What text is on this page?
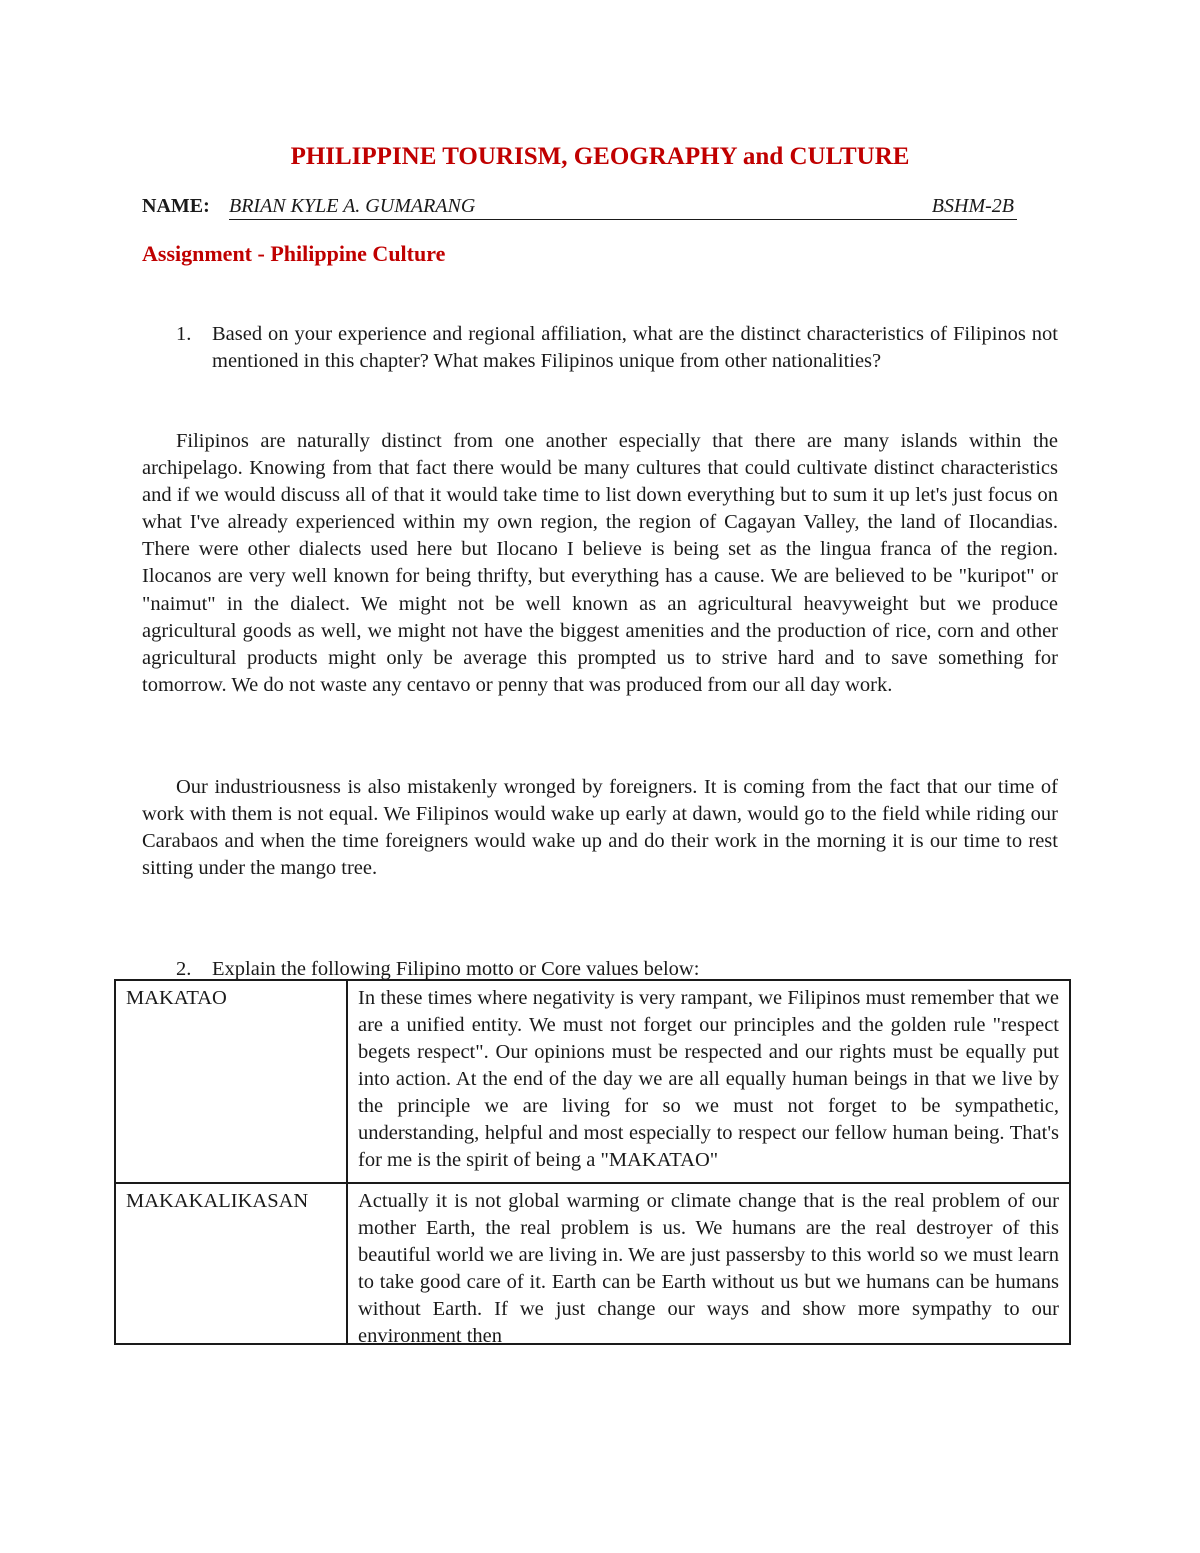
PHILIPPINE TOURISM, GEOGRAPHY and CULTURE
NAME: BRIAN KYLE A. GUMARANG	BSHM-2B
Assignment - Philippine Culture
1. Based on your experience and regional affiliation, what are the distinct characteristics of Filipinos not mentioned in this chapter? What makes Filipinos unique from other nationalities?
Filipinos are naturally distinct from one another especially that there are many islands within the archipelago. Knowing from that fact there would be many cultures that could cultivate distinct characteristics and if we would discuss all of that it would take time to list down everything but to sum it up let's just focus on what I've already experienced within my own region, the region of Cagayan Valley, the land of Ilocandias. There were other dialects used here but Ilocano I believe is being set as the lingua franca of the region. Ilocanos are very well known for being thrifty, but everything has a cause. We are believed to be "kuripot" or "naimut" in the dialect. We might not be well known as an agricultural heavyweight but we produce agricultural goods as well, we might not have the biggest amenities and the production of rice, corn and other agricultural products might only be average this prompted us to strive hard and to save something for tomorrow. We do not waste any centavo or penny that was produced from our all day work.
Our industriousness is also mistakenly wronged by foreigners. It is coming from the fact that our time of work with them is not equal. We Filipinos would wake up early at dawn, would go to the field while riding our Carabaos and when the time foreigners would wake up and do their work in the morning it is our time to rest sitting under the mango tree.
2. Explain the following Filipino motto or Core values below:
MAKATAO	In these times where negativity is very rampant, we Filipinos must remember that we are a unified entity. We must not forget our principles and the golden rule "respect begets respect". Our opinions must be respected and our rights must be equally put into action. At the end of the day we are all equally human beings in that we live by the principle we are living for so we must not forget to be sympathetic, understanding, helpful and most especially to respect our fellow human being. That's for me is the spirit of being a "MAKATAO"
MAKAKALIKASAN	Actually it is not global warming or climate change that is the real problem of our mother Earth, the real problem is us. We humans are the real destroyer of this beautiful world we are living in. We are just passersby to this world so we must learn to take good care of it. Earth can be Earth without us but we humans can be humans without Earth. If we just change our ways and show more sympathy to our environment then
